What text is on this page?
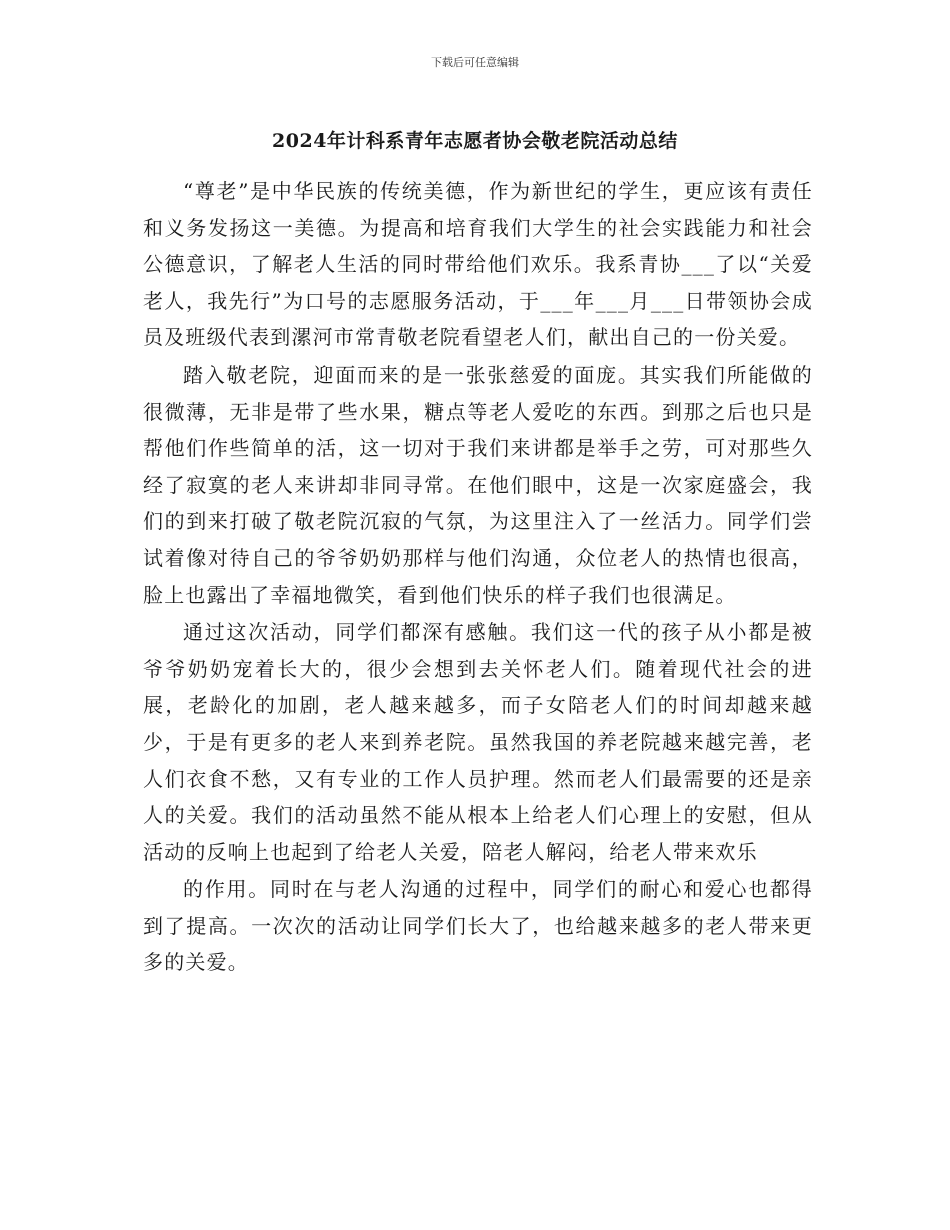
下载后可任意编辑
2024年计科系青年志愿者协会敬老院活动总结

“尊老”是中华民族的传统美德，作为新世纪的学生，更应该有责任和义务发扬这一美德。为提高和培育我们大学生的社会实践能力和社会公德意识，了解老人生活的同时带给他们欢乐。我系青协___了以“关爱老人，我先行”为口号的志愿服务活动，于___年___月___日带领协会成员及班级代表到漯河市常青敬老院看望老人们，献出自己的一份关爱。

踏入敬老院，迎面而来的是一张张慈爱的面庞。其实我们所能做的很微薄，无非是带了些水果，糖点等老人爱吃的东西。到那之后也只是帮他们作些简单的活，这一切对于我们来讲都是举手之劳，可对那些久经了寂寞的老人来讲却非同寻常。在他们眼中，这是一次家庭盛会，我们的到来打破了敬老院沉寂的气氛，为这里注入了一丝活力。同学们尝试着像对待自己的爷爷奶奶那样与他们沟通，众位老人的热情也很高，脸上也露出了幸福地微笑，看到他们快乐的样子我们也很满足。

通过这次活动，同学们都深有感触。我们这一代的孩子从小都是被爷爷奶奶宠着长大的，很少会想到去关怀老人们。随着现代社会的进展，老龄化的加剧，老人越来越多，而子女陪老人们的时间却越来越少，于是有更多的老人来到养老院。虽然我国的养老院越来越完善，老人们衣食不愁，又有专业的工作人员护理。然而老人们最需要的还是亲人的关爱。我们的活动虽然不能从根本上给老人们心理上的安慰，但从活动的反响上也起到了给老人关爱，陪老人解闷，给老人带来欢乐

的作用。同时在与老人沟通的过程中，同学们的耐心和爱心也都得到了提高。一次次的活动让同学们长大了，也给越来越多的老人带来更多的关爱。
